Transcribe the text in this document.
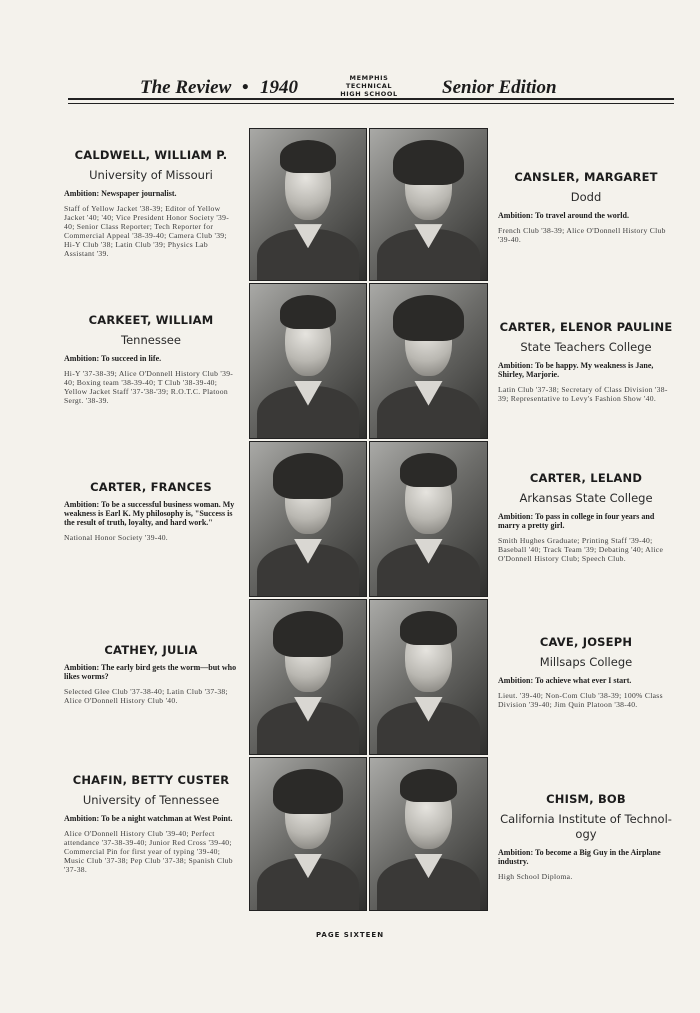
The Review • 1940	MEMPHIS
TECHNICAL
HIGH SCHOOL Senior Edition
CALDWELL, WILLIAM P.
University of Missouri
Ambition: Newspaper journalist.
Staff of Yellow Jacket '38-39; Editor of Yellow Jacket '40; '40; Vice President Honor Society '39-40; Senior Class Reporter; Tech Reporter for Commercial Appeal '38-39-40; Camera Club '39; Hi-Y Club '38; Latin Club '39; Physics Lab Assistant '39.
CARKEET, WILLIAM
Tennessee
Ambition: To succeed in life.
Hi-Y '37-38-39; Alice O'Donnell History Club '39-40; Boxing team '38-39-40; T Club '38-39-40; Yellow Jacket Staff '37-'38-'39; R.O.T.C. Platoon Sergt. '38-39.
CARTER, FRANCES
Ambition: To be a successful business woman. My weakness is Earl K. My philosophy is, "Success is the result of truth, loyalty, and hard work."
National Honor Society '39-40.
CATHEY, JULIA
Ambition: The early bird gets the worm—but who likes worms?
Selected Glee Club '37-38-40; Latin Club '37-38; Alice O'Donnell History Club '40.
CHAFIN, BETTY CUSTER
University of Tennessee
Ambition: To be a night watchman at West Point.
Alice O'Donnell History Club '39-40; Perfect attendance '37-38-39-40; Junior Red Cross '39-40; Commercial Pin for first year of typing '39-40; Music Club '37-38; Pep Club '37-38; Spanish Club '37-38.
CANSLER, MARGARET
Dodd
Ambition: To travel around the world.
French Club '38-39; Alice O'Donnell History Club '39-40.
CARTER, ELENOR PAULINE
State Teachers College
Ambition: To be happy. My weakness is Jane, Shirley, Marjorie.
Latin Club '37-38; Secretary of Class Division '38-39; Representative to Levy's Fashion Show '40.
CARTER, LELAND
Arkansas State College
Ambition: To pass in college in four years and marry a pretty girl.
Smith Hughes Graduate; Printing Staff '39-40; Baseball '40; Track Team '39; Debating '40; Alice O'Donnell History Club; Speech Club.
CAVE, JOSEPH
Millsaps College
Ambition: To achieve what ever I start.
Lieut. '39-40; Non-Com Club '38-39; 100% Class Division '39-40; Jim Quin Platoon '38-40.
CHISM, BOB
California Institute of Technol-ogy
Ambition: To become a Big Guy in the Airplane industry.
High School Diploma.
PAGE SIXTEEN
